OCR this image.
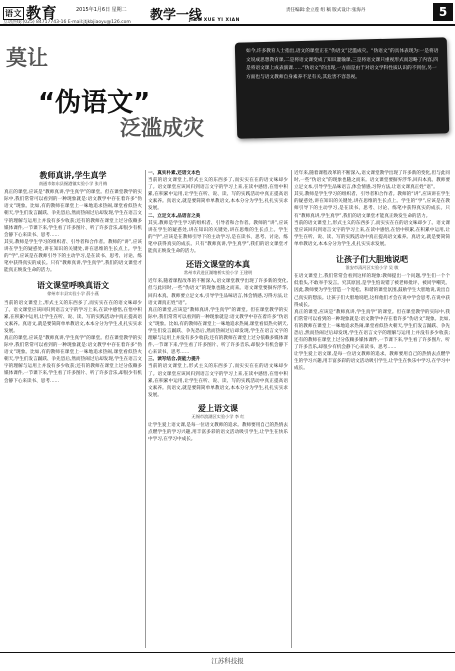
语文 教育	2015年1月6日 星期二
互动热线:(025) 84717743-16 E-mail:jtjkbjiaoyu@126.com 教学一线
JIAO XUE YI XIAN
责任编辑:金立莲 组 稿 版式设计:张海丹	5
莫让
“伪语文”
泛滥成灾
如今,许多教育人士指出,语文的课堂正在“伪语文”泛滥成灾。“伪语文”的具体表现为:一是将语文说成思想教育课,二是将语文课变成了知识灌输课,三是将语文课只重视形式而忽略了内容,四是将语文课上成表演课……“伪语文”的出现,一方面是由于对语文学科性质认识的不到位,另一方面也与语文教师自身素养不足有关,其危害不容忽视。
教师真讲,学生真学
南通市如东县掘港镇实验小学 张月梅

真正的课堂,应该是“教师真讲,学生真学”的课堂。但在课堂教学的实际中,我们常常可以看到的一种现象就是:语文教学中存在着许多“伪语文”现象。比如,有的教师在课堂上一味地追求热闹,课堂看似热火朝天,学生们发言踊跃、争先恐后,然而热闹过后却发现,学生在语言文字的理解与运用上并没有多少收获;还有的教师在课堂上过分依赖多媒体课件,一节课下来,学生看了许多图片、听了许多音乐,却很少有机会静下心来读书、思考……

其实,教师是学生学习的组织者、引导者和合作者。教师的“讲”,应该讲在学生的疑惑处,讲在知识的关键处,讲在思维的生长点上。学生的“学”,应该是在教师引导下的主动学习,是在读书、思考、讨论、练笔中获得真实的成长。只有“教师真讲,学生真学”,我们的语文课堂才能真正焕发生命的活力。

语文课堂呼唤真语文
徐州市丰县实验小学 薛小燕

当前的语文课堂上,形式主义的东西多了,而实实在在的语文味却少了。语文课堂应该回归到语言文字的学习上来,在读中感悟,在悟中积累,在积累中运用,让学生在听、说、读、写的实践活动中真正提高语文素养。真语文,就是要简简单单教语文,本本分分为学生,扎扎实实求发展。

真正的课堂,应该是“教师真讲,学生真学”的课堂。但在课堂教学的实际中,我们常常可以看到的一种现象就是:语文教学中存在着许多“伪语文”现象。比如,有的教师在课堂上一味地追求热闹,课堂看似热火朝天,学生们发言踊跃、争先恐后,然而热闹过后却发现,学生在语言文字的理解与运用上并没有多少收获;还有的教师在课堂上过分依赖多媒体课件,一节课下来,学生看了许多图片、听了许多音乐,却很少有机会静下心来读书、思考……

一、真实朴素,还语文本色

当前的语文课堂上,形式主义的东西多了,而实实在在的语文味却少了。语文课堂应该回归到语言文字的学习上来,在读中感悟,在悟中积累,在积累中运用,让学生在听、说、读、写的实践活动中真正提高语文素养。真语文,就是要简简单单教语文,本本分分为学生,扎扎实实求发展。

二、立足文本,品语言之美

其实,教师是学生学习的组织者、引导者和合作者。教师的“讲”,应该讲在学生的疑惑处,讲在知识的关键处,讲在思维的生长点上。学生的“学”,应该是在教师引导下的主动学习,是在读书、思考、讨论、练笔中获得真实的成长。只有“教师真讲,学生真学”,我们的语文课堂才能真正焕发生命的活力。

还语文课堂的本真
常州市武进区湖塘桥实验小学 王建明

近年来,随着课程改革的不断深入,语文课堂教学出现了许多新的变化,但与此同时,一些“伪语文”的现象也随之而来。语文课堂要摒弃浮华,回归本真。教师要立足文本,引导学生品味语言,体会情感,习得方法,让语文课真正姓“语”。

真正的课堂,应该是“教师真讲,学生真学”的课堂。但在课堂教学的实际中,我们常常可以看到的一种现象就是:语文教学中存在着许多“伪语文”现象。比如,有的教师在课堂上一味地追求热闹,课堂看似热火朝天,学生们发言踊跃、争先恐后,然而热闹过后却发现,学生在语言文字的理解与运用上并没有多少收获;还有的教师在课堂上过分依赖多媒体课件,一节课下来,学生看了许多图片、听了许多音乐,却很少有机会静下心来读书、思考……

三、读写结合,促能力提升

当前的语文课堂上,形式主义的东西多了,而实实在在的语文味却少了。语文课堂应该回归到语言文字的学习上来,在读中感悟,在悟中积累,在积累中运用,让学生在听、说、读、写的实践活动中真正提高语文素养。真语文,就是要简简单单教语文,本本分分为学生,扎扎实实求发展。

爱上语文课
无锡市滨湖区实验小学 李 红

让学生爱上语文课,是每一位语文教师的追求。教师要用自己的热情去点燃学生的学习兴趣,用丰富多彩的语文活动吸引学生,让学生在快乐中学习,在学习中成长。

近年来,随着课程改革的不断深入,语文课堂教学出现了许多新的变化,但与此同时,一些“伪语文”的现象也随之而来。语文课堂要摒弃浮华,回归本真。教师要立足文本,引导学生品味语言,体会情感,习得方法,让语文课真正姓“语”。

其实,教师是学生学习的组织者、引导者和合作者。教师的“讲”,应该讲在学生的疑惑处,讲在知识的关键处,讲在思维的生长点上。学生的“学”,应该是在教师引导下的主动学习,是在读书、思考、讨论、练笔中获得真实的成长。只有“教师真讲,学生真学”,我们的语文课堂才能真正焕发生命的活力。

当前的语文课堂上,形式主义的东西多了,而实实在在的语文味却少了。语文课堂应该回归到语言文字的学习上来,在读中感悟,在悟中积累,在积累中运用,让学生在听、说、读、写的实践活动中真正提高语文素养。真语文,就是要简简单单教语文,本本分分为学生,扎扎实实求发展。

让孩子们大胆地说吧
淮安市清河区实验小学 吴 敏

在语文课堂上,我们常常会看到这样的现象:教师提出一个问题,学生们一个个低着头,不敢举手发言。究其原因,是学生怕说错了被老师批评、被同学嘲笑。因此,教师要为学生营造一个宽松、和谐的课堂氛围,鼓励学生大胆地说,说出自己真实的想法。让孩子们大胆地说吧,这样他们才会在说中学会思考,在说中获得成长。

真正的课堂,应该是“教师真讲,学生真学”的课堂。但在课堂教学的实际中,我们常常可以看到的一种现象就是:语文教学中存在着许多“伪语文”现象。比如,有的教师在课堂上一味地追求热闹,课堂看似热火朝天,学生们发言踊跃、争先恐后,然而热闹过后却发现,学生在语言文字的理解与运用上并没有多少收获;还有的教师在课堂上过分依赖多媒体课件,一节课下来,学生看了许多图片、听了许多音乐,却很少有机会静下心来读书、思考……

让学生爱上语文课,是每一位语文教师的追求。教师要用自己的热情去点燃学生的学习兴趣,用丰富多彩的语文活动吸引学生,让学生在快乐中学习,在学习中成长。

江苏科技报
